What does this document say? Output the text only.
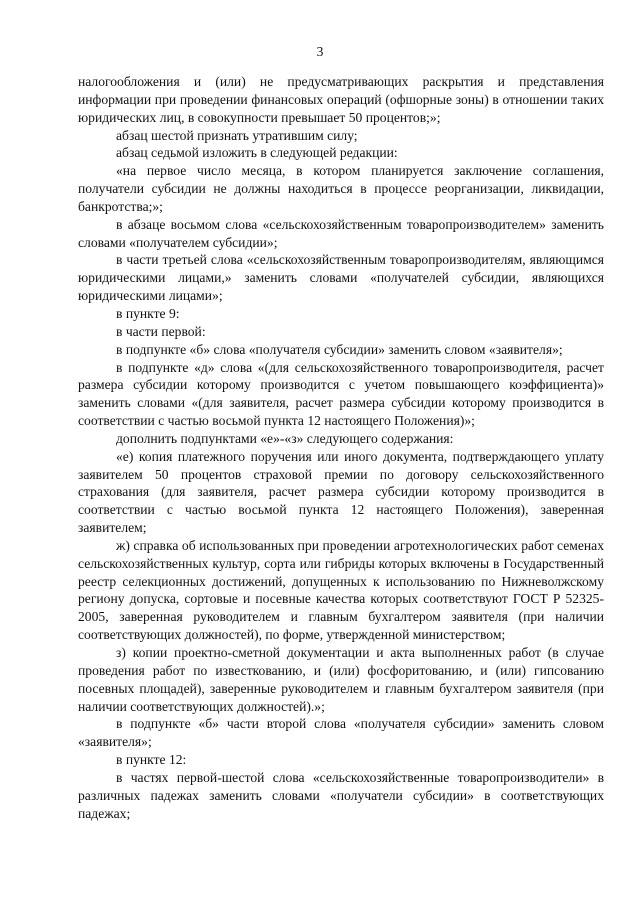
3

налогообложения и (или) не предусматривающих раскрытия и представления информации при проведении финансовых операций (офшорные зоны) в отношении таких юридических лиц, в совокупности превышает 50 процентов;»;

абзац шестой признать утратившим силу;

абзац седьмой изложить в следующей редакции:

«на первое число месяца, в котором планируется заключение соглашения, получатели субсидии не должны находиться в процессе реорганизации, ликвидации, банкротства;»;

в абзаце восьмом слова «сельскохозяйственным товаропроизводителем» заменить словами «получателем субсидии»;

в части третьей слова «сельскохозяйственным товаропроизводителям, являющимся юридическими лицами,» заменить словами «получателей субсидии, являющихся юридическими лицами»;

в пункте 9:

в части первой:

в подпункте «б» слова «получателя субсидии» заменить словом «заявителя»;

в подпункте «д» слова «(для сельскохозяйственного товаропроизводителя, расчет размера субсидии которому производится с учетом повышающего коэффициента)» заменить словами «(для заявителя, расчет размера субсидии которому производится в соответствии с частью восьмой пункта 12 настоящего Положения)»;

дополнить подпунктами «е»-«з» следующего содержания:

«е) копия платежного поручения или иного документа, подтверждающего уплату заявителем 50 процентов страховой премии по договору сельскохозяйственного страхования (для заявителя, расчет размера субсидии которому производится в соответствии с частью восьмой пункта 12 настоящего Положения), заверенная заявителем;

ж) справка об использованных при проведении агротехнологических работ семенах сельскохозяйственных культур, сорта или гибриды которых включены в Государственный реестр селекционных достижений, допущенных к использованию по Нижневолжскому региону допуска, сортовые и посевные качества которых соответствуют ГОСТ Р 52325-2005, заверенная руководителем и главным бухгалтером заявителя (при наличии соответствующих должностей), по форме, утвержденной министерством;

з) копии проектно-сметной документации и акта выполненных работ (в случае проведения работ по известкованию, и (или) фосфоритованию, и (или) гипсованию посевных площадей), заверенные руководителем и главным бухгалтером заявителя (при наличии соответствующих должностей).»;

в подпункте «б» части второй слова «получателя субсидии» заменить словом «заявителя»;

в пункте 12:

в частях первой-шестой слова «сельскохозяйственные товаропроизводители» в различных падежах заменить словами «получатели субсидии» в соответствующих падежах;
